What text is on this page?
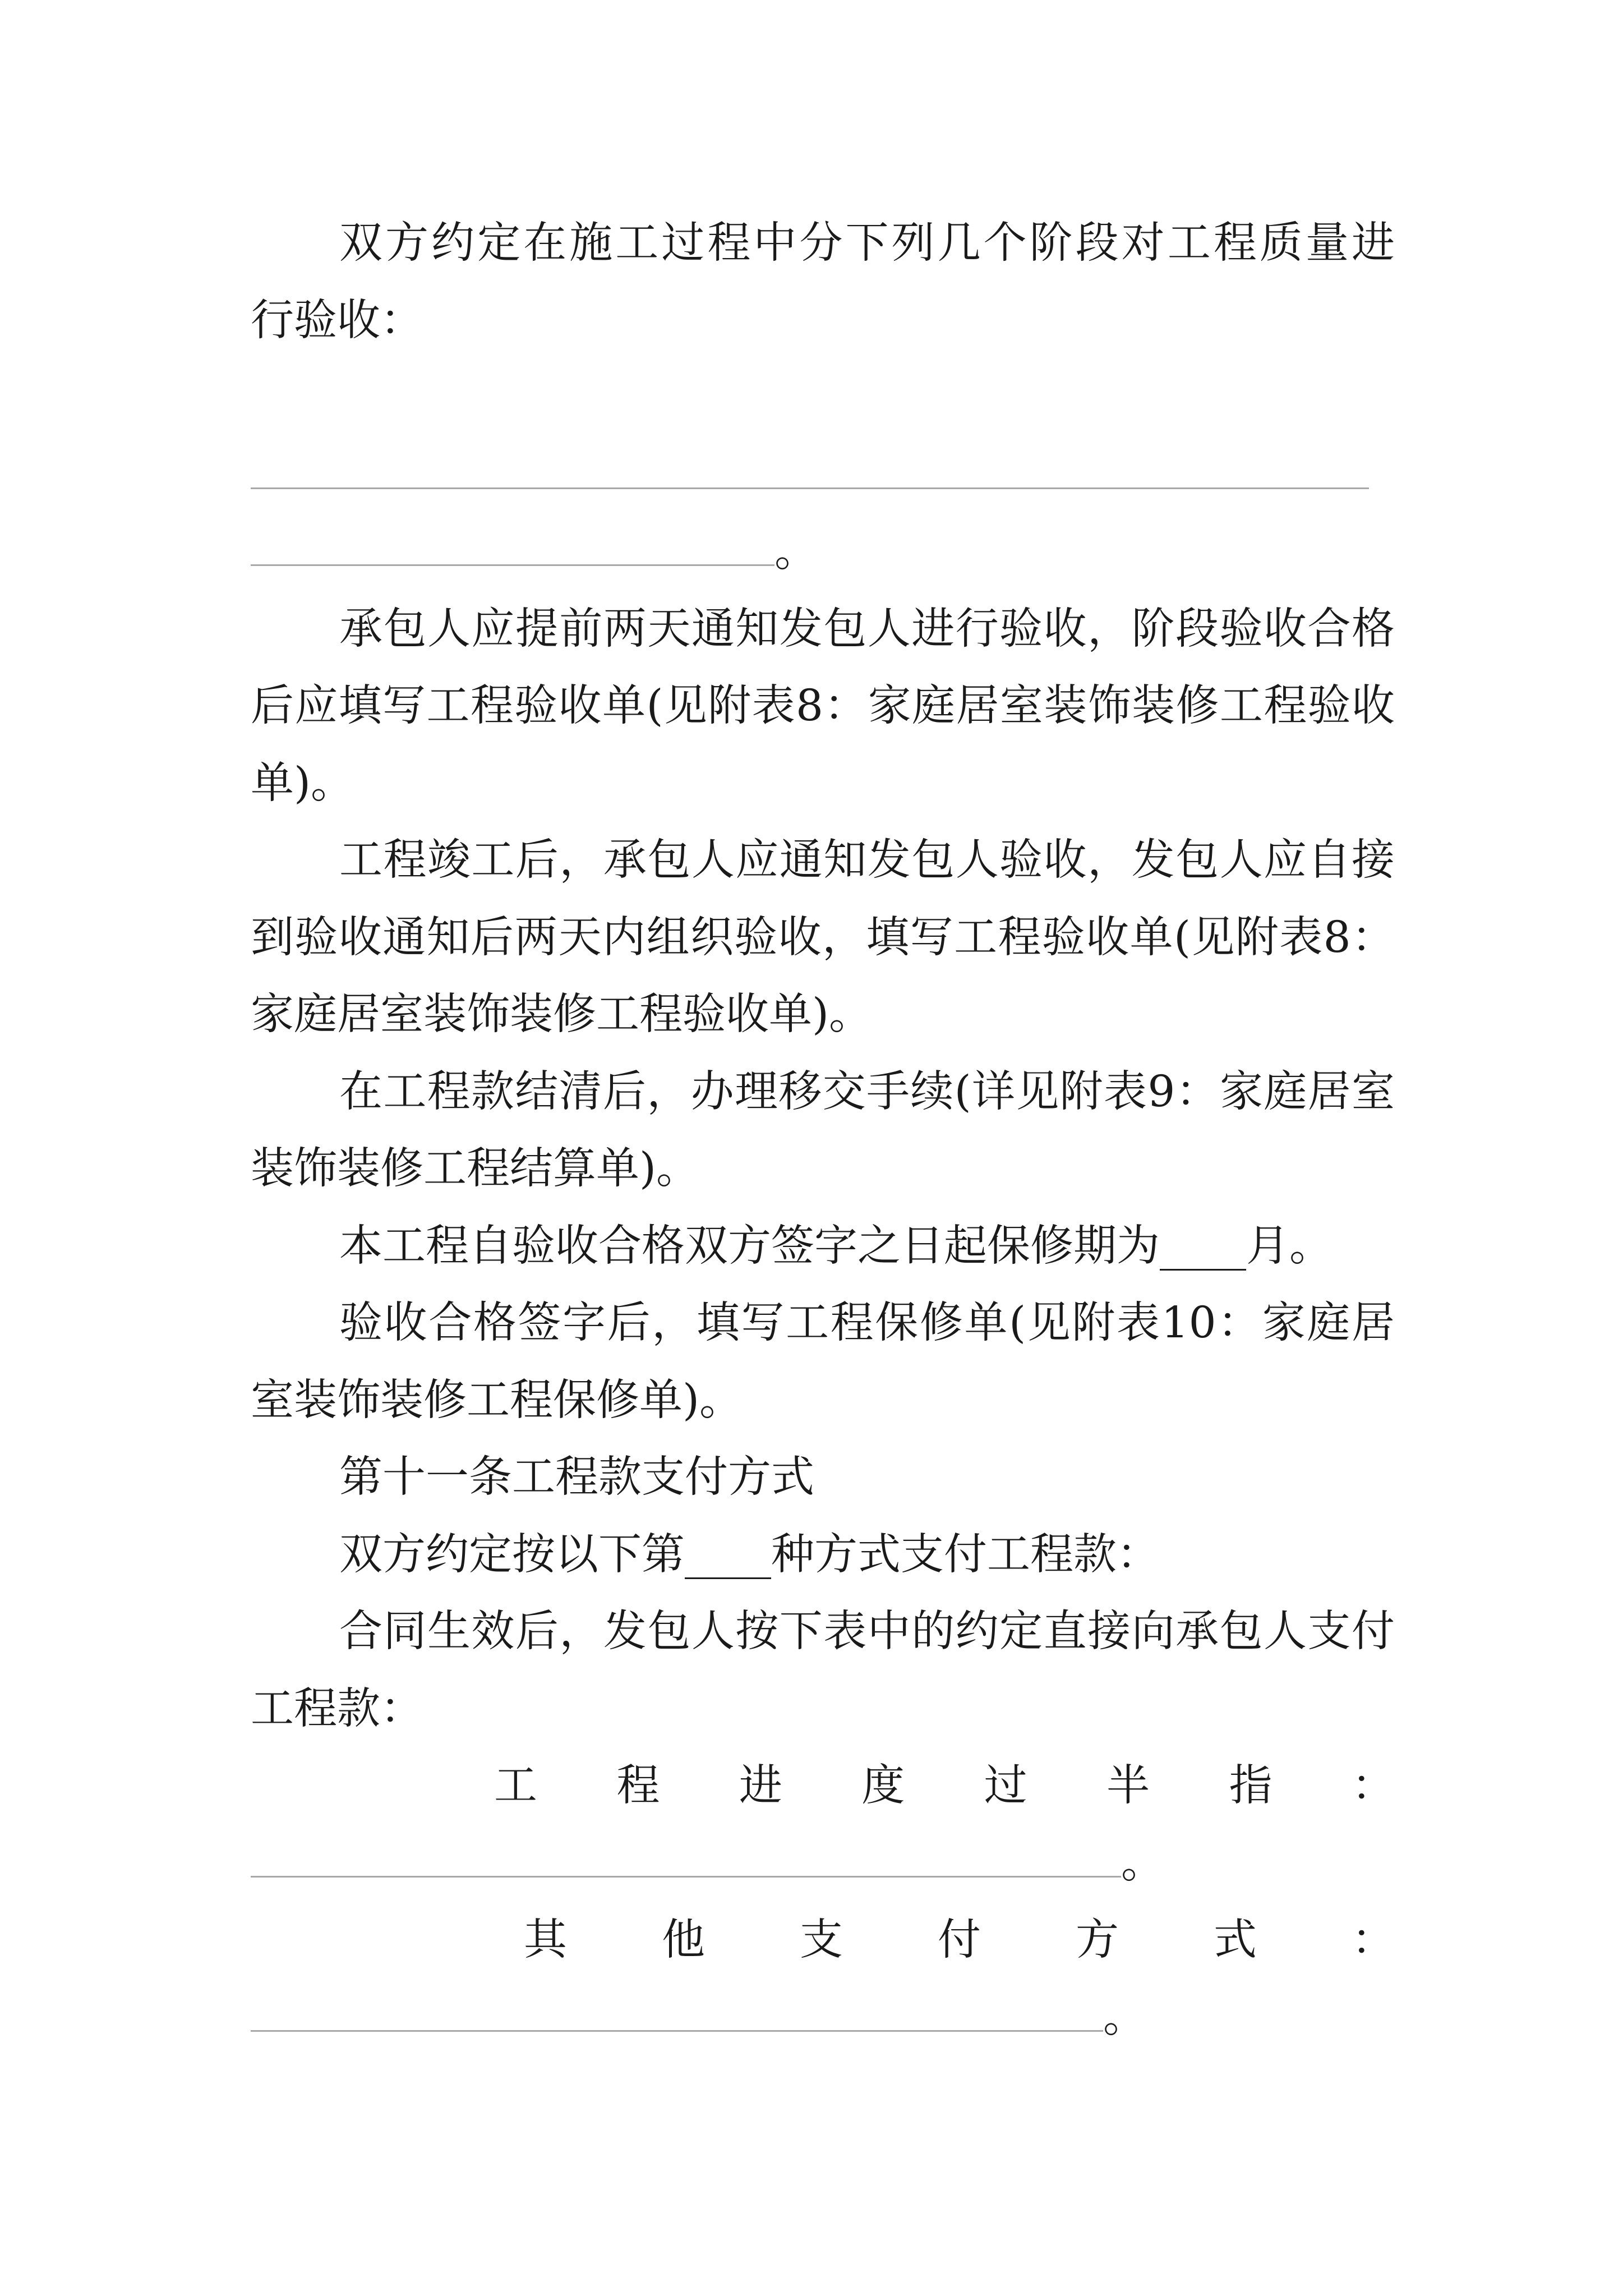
双方约定在施工过程中分下列几个阶段对工程质量进
行验收：
。
承包人应提前两天通知发包人进行验收，阶段验收合格
后应填写工程验收单(见附表8：家庭居室装饰装修工程验收
单)。
工程竣工后，承包人应通知发包人验收，发包人应自接
到验收通知后两天内组织验收，填写工程验收单(见附表8：
家庭居室装饰装修工程验收单)。
在工程款结清后，办理移交手续(详见附表9：家庭居室
装饰装修工程结算单)。
本工程自验收合格双方签字之日起保修期为____月。
验收合格签字后，填写工程保修单(见附表10：家庭居
室装饰装修工程保修单)。
第十一条工程款支付方式
双方约定按以下第____种方式支付工程款：
合同生效后，发包人按下表中的约定直接向承包人支付
工程款：
工程进度过半指：
。
其他支付方式：
。
